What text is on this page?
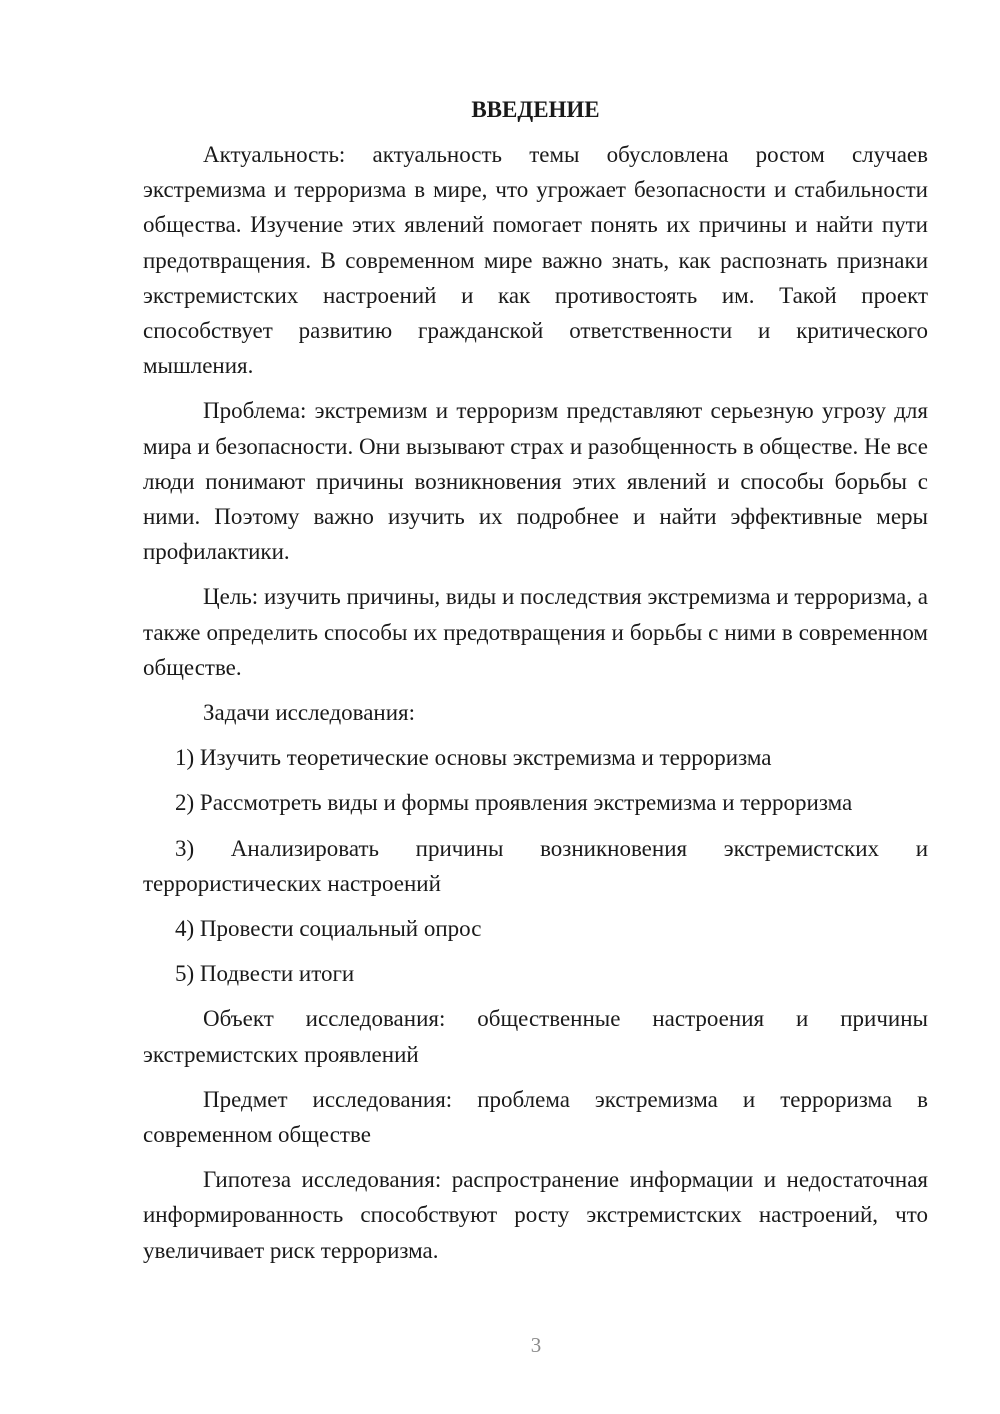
ВВЕДЕНИЕ
Актуальность: актуальность темы обусловлена ростом случаев экстремизма и терроризма в мире, что угрожает безопасности и стабильности общества. Изучение этих явлений помогает понять их причины и найти пути предотвращения. В современном мире важно знать, как распознать признаки экстремистских настроений и как противостоять им. Такой проект способствует развитию гражданской ответственности и критического мышления.
Проблема: экстремизм и терроризм представляют серьезную угрозу для мира и безопасности. Они вызывают страх и разобщенность в обществе. Не все люди понимают причины возникновения этих явлений и способы борьбы с ними. Поэтому важно изучить их подробнее и найти эффективные меры профилактики.
Цель: изучить причины, виды и последствия экстремизма и терроризма, а также определить способы их предотвращения и борьбы с ними в современном обществе.
Задачи исследования:
1) Изучить теоретические основы экстремизма и терроризма
2) Рассмотреть виды и формы проявления экстремизма и терроризма
3) Анализировать причины возникновения экстремистских и террористических настроений
4) Провести социальный опрос
5) Подвести итоги
Объект исследования: общественные настроения и причины экстремистских проявлений
Предмет исследования: проблема экстремизма и терроризма в современном обществе
Гипотеза исследования: распространение информации и недостаточная информированность способствуют росту экстремистских настроений, что увеличивает риск терроризма.
3
